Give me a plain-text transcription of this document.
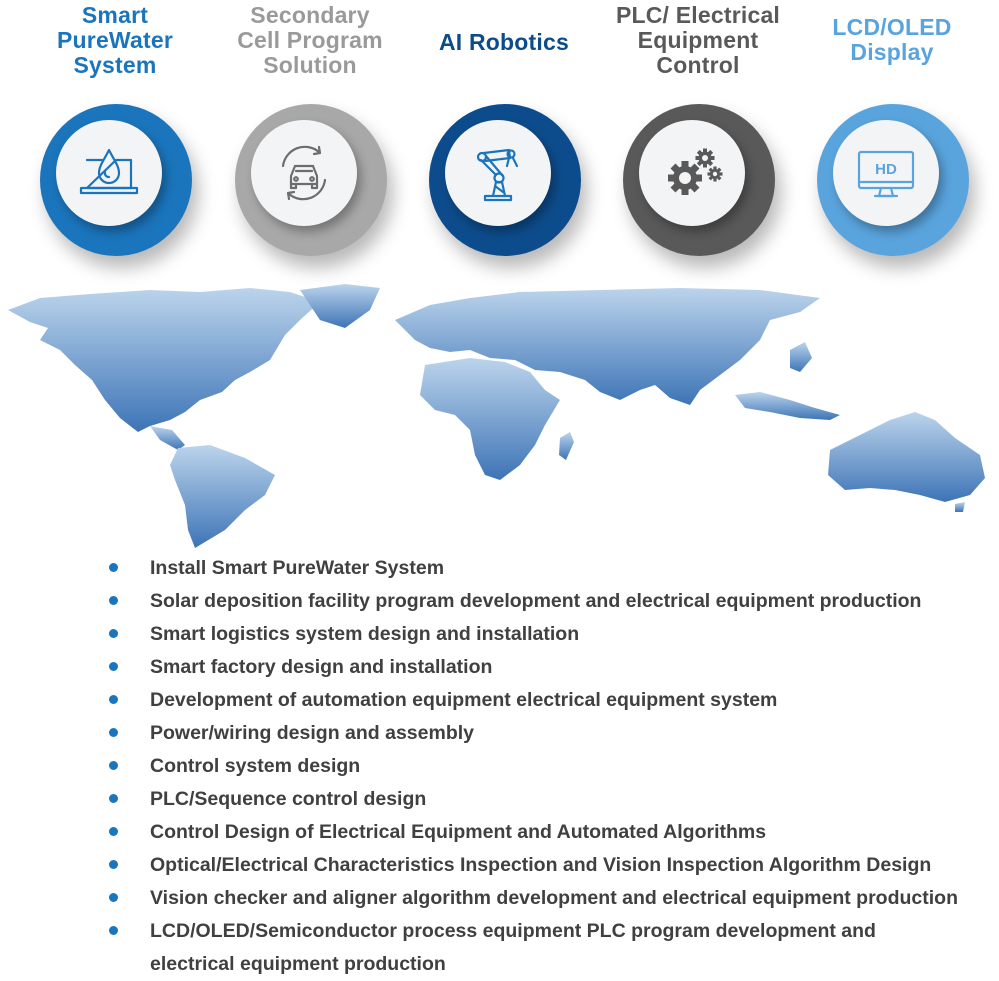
Smart
PureWater
System
Secondary
Cell Program
Solution
AI Robotics
PLC/ Electrical
Equipment
Control
LCD/OLED
Display
HD
Install Smart PureWater System
Solar deposition facility program development and electrical equipment production
Smart logistics system design and installation
Smart factory design and installation
Development of automation equipment electrical equipment system
Power/wiring design and assembly
Control system design
PLC/Sequence control design
Control Design of Electrical Equipment and Automated Algorithms
Optical/Electrical Characteristics Inspection and Vision Inspection Algorithm Design
Vision checker and aligner algorithm development and electrical equipment production
LCD/OLED/Semiconductor process equipment PLC program development and
electrical equipment production
